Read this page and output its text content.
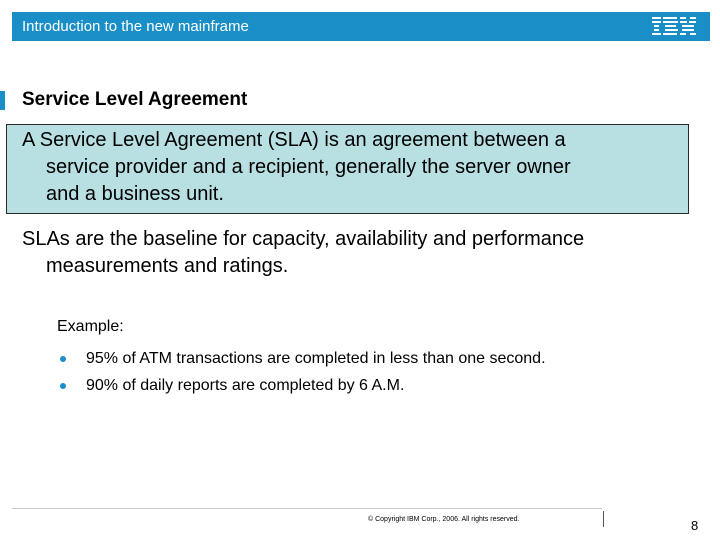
Introduction to the new mainframe
Service Level Agreement

A Service Level Agreement (SLA) is an agreement between a
service provider and a recipient, generally the server owner
and a business unit.

SLAs are the baseline for capacity, availability and performance
measurements and ratings.

Example:
95% of ATM transactions are completed in less than one second.
90% of daily reports are completed by 6 A.M.
© Copyright IBM Corp., 2006. All rights reserved.	8
